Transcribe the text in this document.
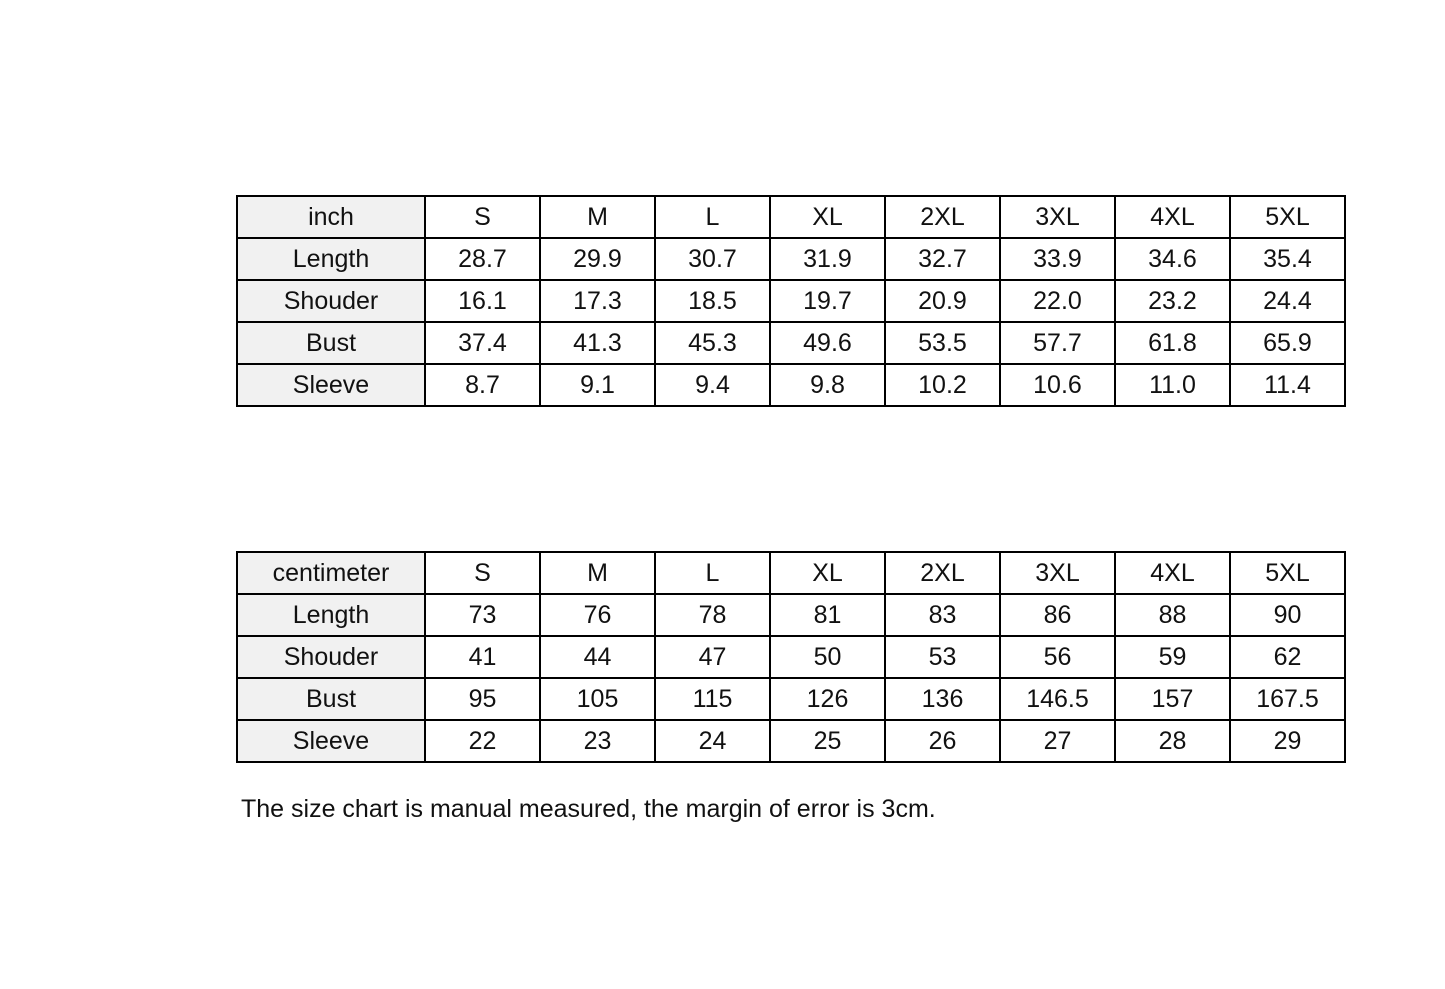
inch	S	M	L	XL	2XL	3XL	4XL	5XL
Length	28.7	29.9	30.7	31.9	32.7	33.9	34.6	35.4
Shouder	16.1	17.3	18.5	19.7	20.9	22.0	23.2	24.4
Bust	37.4	41.3	45.3	49.6	53.5	57.7	61.8	65.9
Sleeve	8.7	9.1	9.4	9.8	10.2	10.6	11.0	11.4
centimeter	S	M	L	XL	2XL	3XL	4XL	5XL
Length	73	76	78	81	83	86	88	90
Shouder	41	44	47	50	53	56	59	62
Bust	95	105	115	126	136	146.5	157	167.5
Sleeve	22	23	24	25	26	27	28	29
The size chart is manual measured, the margin of error is 3cm.
